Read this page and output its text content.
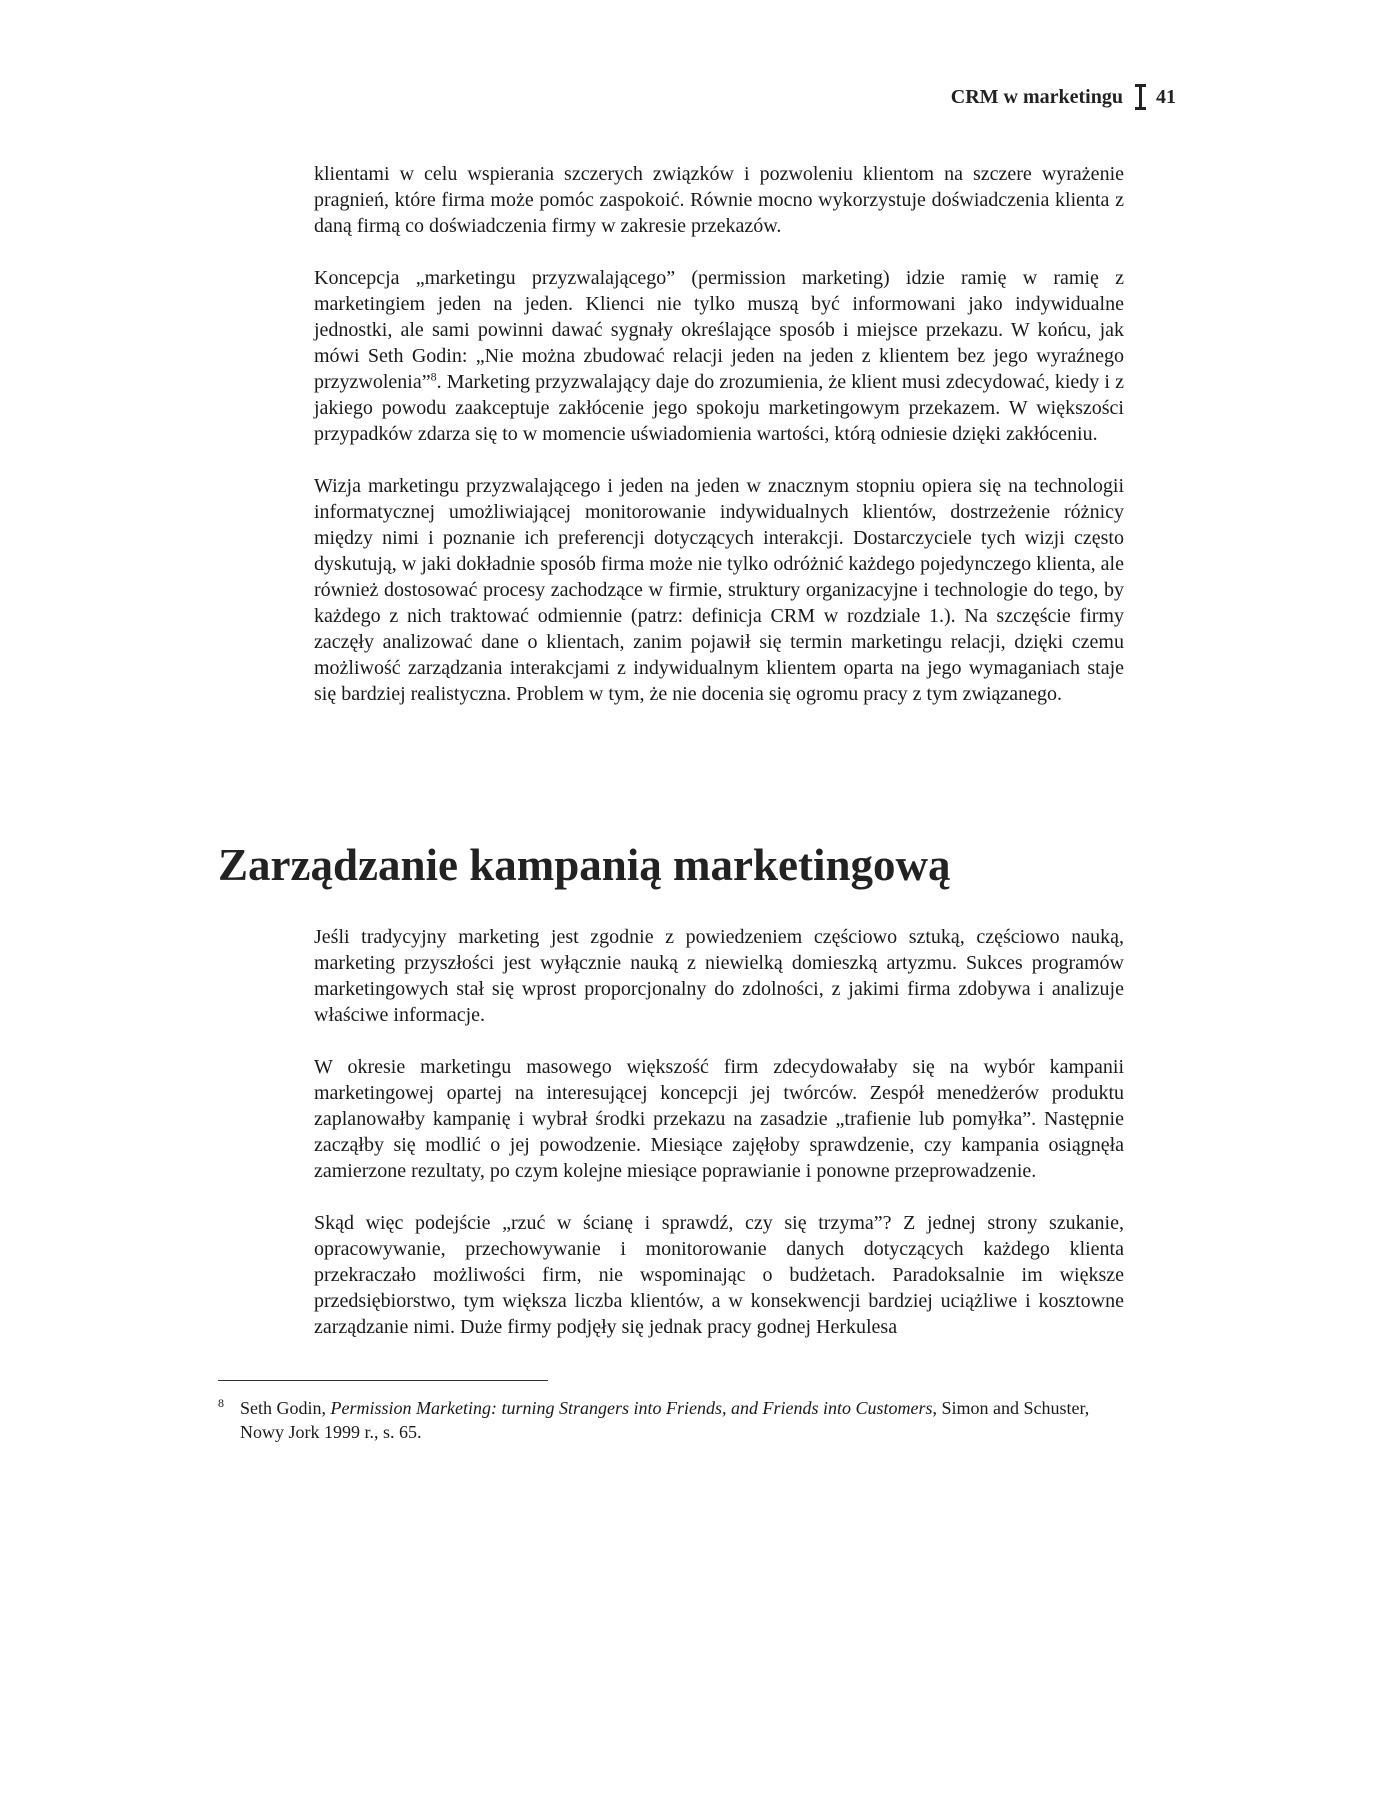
CRM w marketingu 41

klientami w celu wspierania szczerych związków i pozwoleniu klientom na szczere wyrażenie pragnień, które firma może pomóc zaspokoić. Równie mocno wykorzystuje doświadczenia klienta z daną firmą co doświadczenia firmy w zakresie przekazów.

Koncepcja „marketingu przyzwalającego” (permission marketing) idzie ramię w ramię z marketingiem jeden na jeden. Klienci nie tylko muszą być informowani jako indywidualne jednostki, ale sami powinni dawać sygnały określające sposób i miejsce przekazu. W końcu, jak mówi Seth Godin: „Nie można zbudować relacji jeden na jeden z klientem bez jego wyraźnego przyzwolenia”$^8$. Marketing przyzwalający daje do zrozumienia, że klient musi zdecydować, kiedy i z jakiego powodu zaakceptuje zakłócenie jego spokoju marketingowym przekazem. W większości przypadków zdarza się to w momencie uświadomienia wartości, którą odniesie dzięki zakłóceniu.

Wizja marketingu przyzwalającego i jeden na jeden w znacznym stopniu opiera się na technologii informatycznej umożliwiającej monitorowanie indywidualnych klientów, dostrzeżenie różnicy między nimi i poznanie ich preferencji dotyczących interakcji. Dostarczyciele tych wizji często dyskutują, w jaki dokładnie sposób firma może nie tylko odróżnić każdego pojedynczego klienta, ale również dostosować procesy zachodzące w firmie, struktury organizacyjne i technologie do tego, by każdego z nich traktować odmiennie (patrz: definicja CRM w rozdziale 1.). Na szczęście firmy zaczęły analizować dane o klientach, zanim pojawił się termin marketingu relacji, dzięki czemu możliwość zarządzania interakcjami z indywidualnym klientem oparta na jego wymaganiach staje się bardziej realistyczna. Problem w tym, że nie docenia się ogromu pracy z tym związanego.

Zarządzanie kampanią marketingową

Jeśli tradycyjny marketing jest zgodnie z powiedzeniem częściowo sztuką, częściowo nauką, marketing przyszłości jest wyłącznie nauką z niewielką domieszką artyzmu. Sukces programów marketingowych stał się wprost proporcjonalny do zdolności, z jakimi firma zdobywa i analizuje właściwe informacje.

W okresie marketingu masowego większość firm zdecydowałaby się na wybór kampanii marketingowej opartej na interesującej koncepcji jej twórców. Zespół menedżerów produktu zaplanowałby kampanię i wybrał środki przekazu na zasadzie „trafienie lub pomyłka”. Następnie zacząłby się modlić o jej powodzenie. Miesiące zajęłoby sprawdzenie, czy kampania osiągnęła zamierzone rezultaty, po czym kolejne miesiące poprawianie i ponowne przeprowadzenie.

Skąd więc podejście „rzuć w ścianę i sprawdź, czy się trzyma”? Z jednej strony szukanie, opracowywanie, przechowywanie i monitorowanie danych dotyczących każdego klienta przekraczało możliwości firm, nie wspominając o budżetach. Paradoksalnie im większe przedsiębiorstwo, tym większa liczba klientów, a w konsekwencji bardziej uciążliwe i kosztowne zarządzanie nimi. Duże firmy podjęły się jednak pracy godnej Herkulesa

8 Seth Godin, Permission Marketing: turning Strangers into Friends, and Friends into Customers, Simon and Schuster, Nowy Jork 1999 r., s. 65.
